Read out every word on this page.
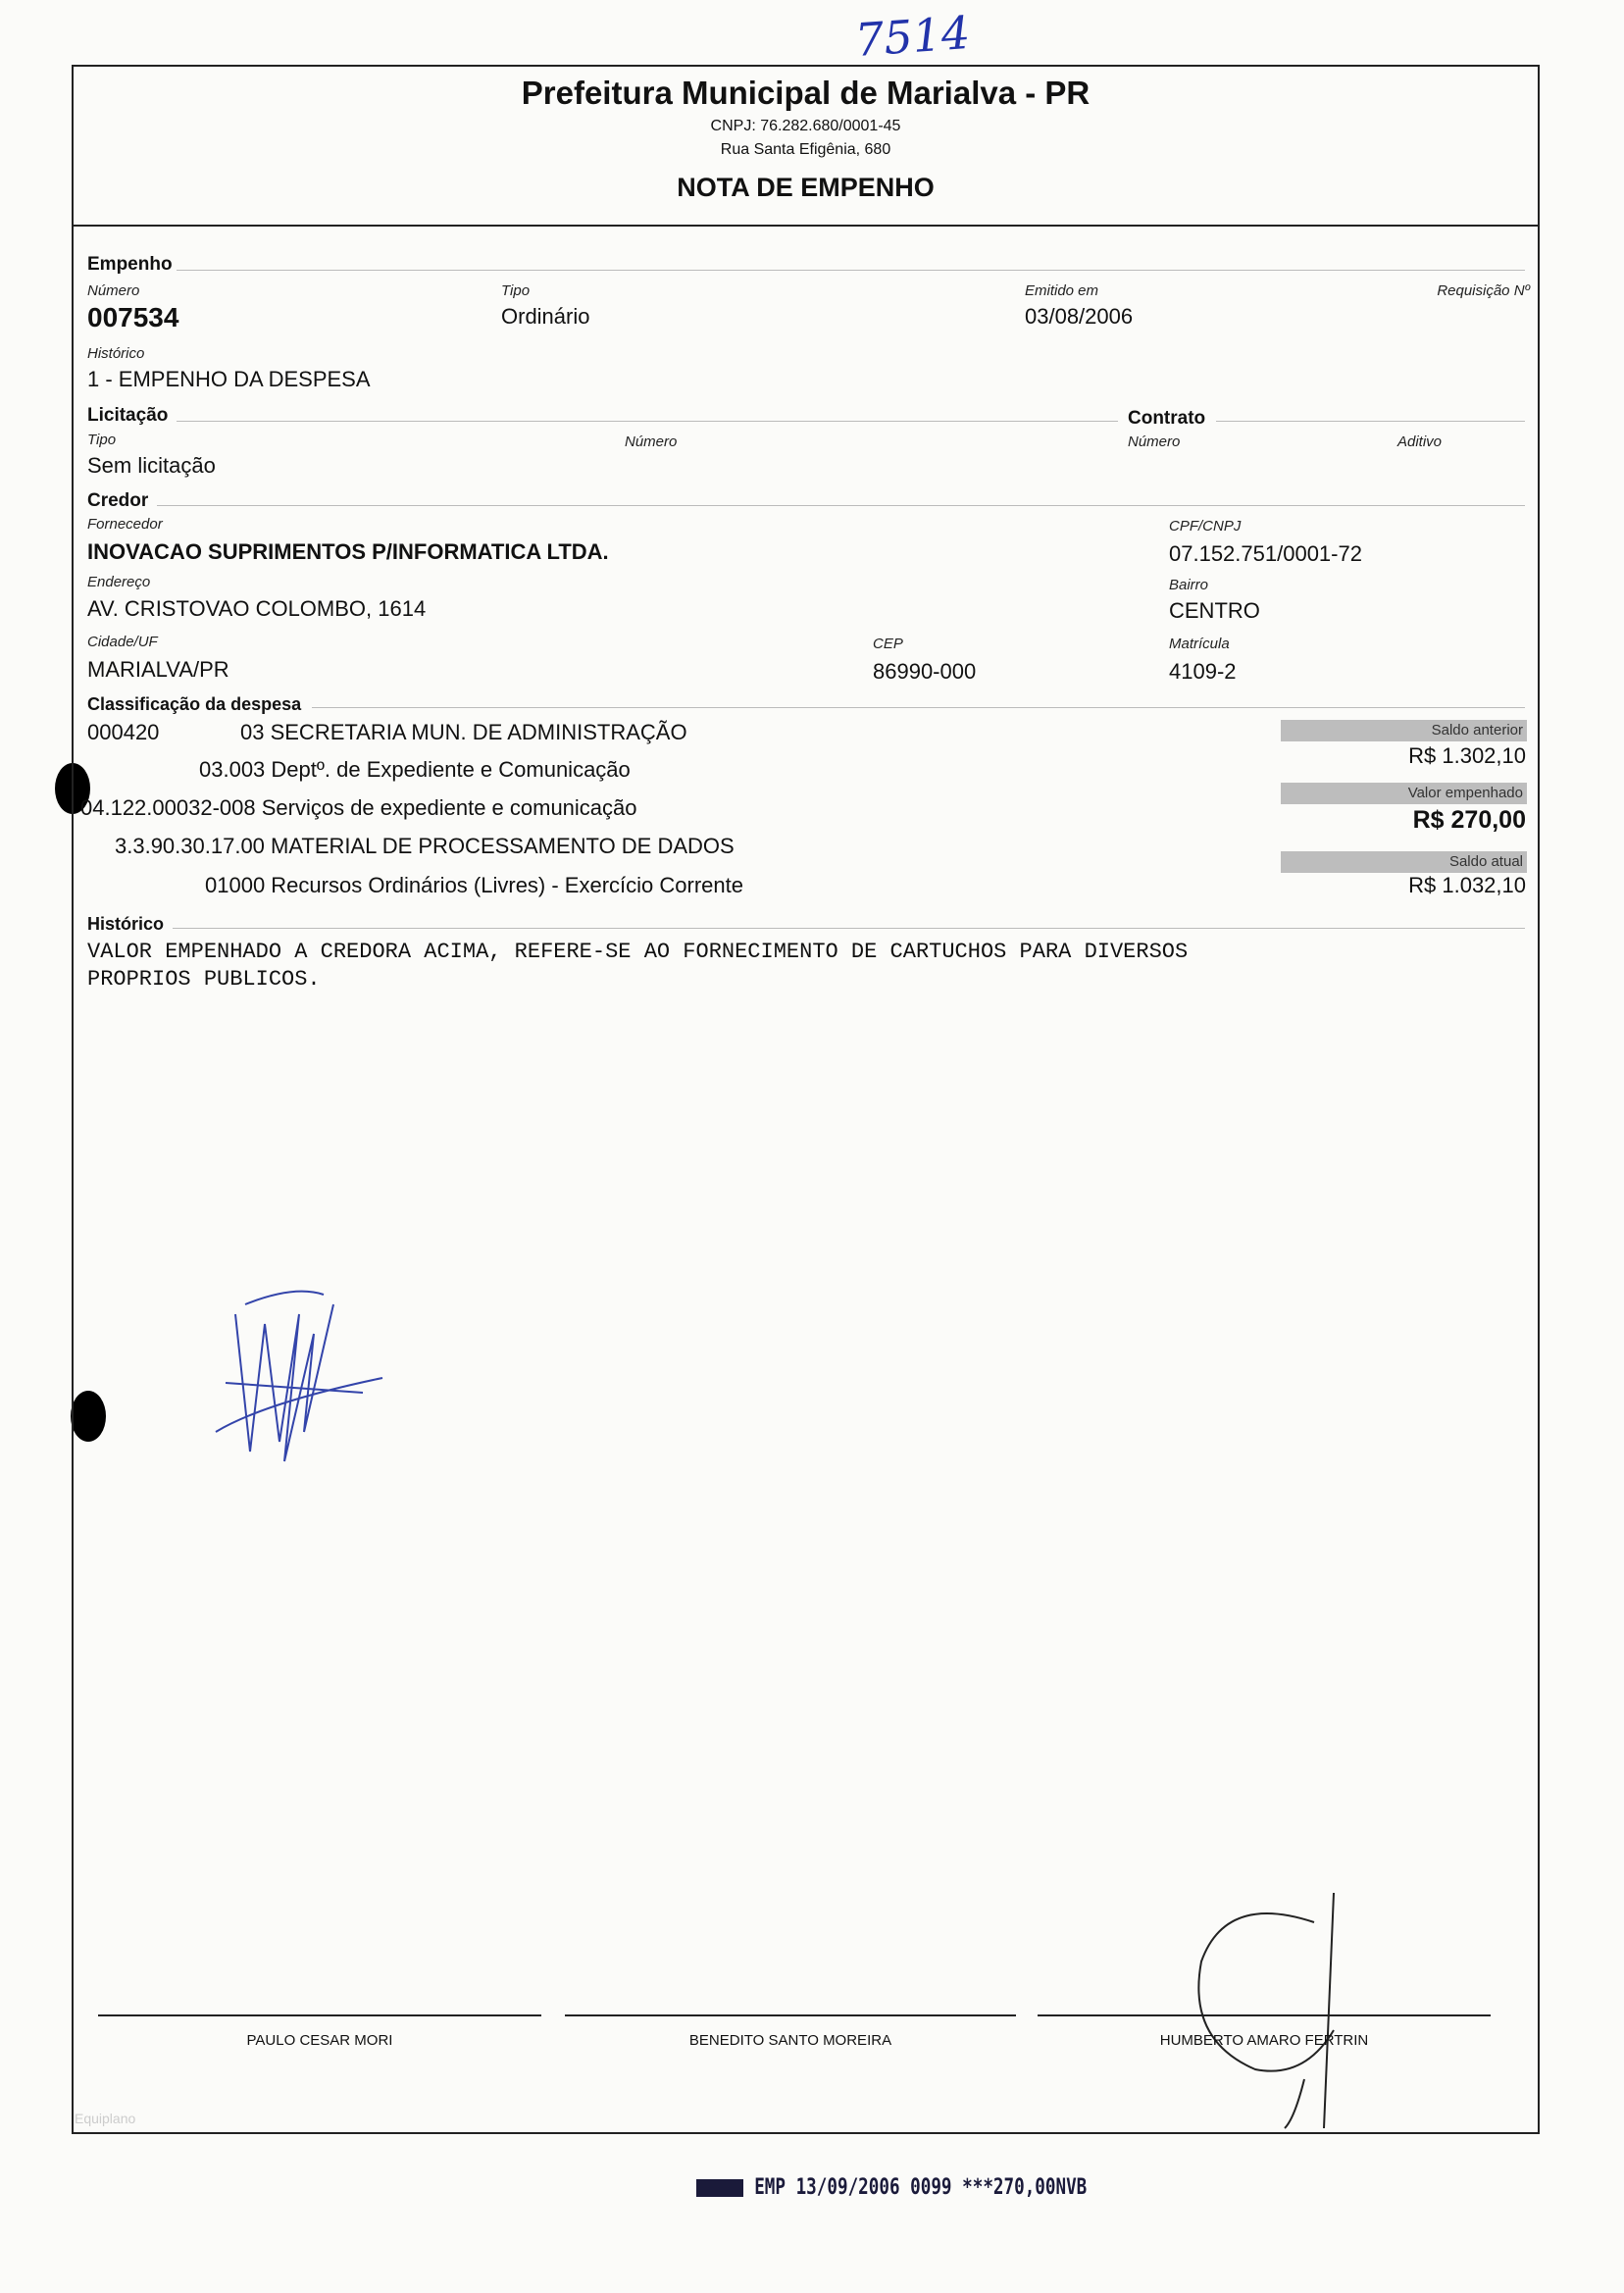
7514
Prefeitura Municipal de Marialva - PR
CNPJ: 76.282.680/0001-45
Rua Santa Efigênia, 680
NOTA DE EMPENHO
Empenho
Número
007534
Tipo
Ordinário
Emitido em
03/08/2006
Requisição Nº
Histórico
1 - EMPENHO DA DESPESA
Licitação
Tipo
Sem licitação
Número
Contrato
Número	Aditivo
Credor
Fornecedor
INOVACAO SUPRIMENTOS P/INFORMATICA LTDA.
CPF/CNPJ
07.152.751/0001-72
Endereço
AV. CRISTOVAO COLOMBO, 1614
Bairro
CENTRO
Cidade/UF
MARIALVA/PR
CEP
86990-000
Matrícula
4109-2
Classificação da despesa
000420	03 SECRETARIA MUN. DE ADMINISTRAÇÃO
03.003 Deptº. de Expediente e Comunicação
04.122.00032-008 Serviços de expediente e comunicação
3.3.90.30.17.00 MATERIAL DE PROCESSAMENTO DE DADOS
01000 Recursos Ordinários (Livres) - Exercício Corrente
Saldo anterior
R$ 1.302,10
Valor empenhado
R$ 270,00
Saldo atual
R$ 1.032,10
Histórico
VALOR EMPENHADO A CREDORA ACIMA, REFERE-SE AO FORNECIMENTO DE CARTUCHOS PARA DIVERSOS
PROPRIOS PUBLICOS.
PAULO CESAR MORI	BENEDITO SANTO MOREIRA	HUMBERTO AMARO FERTRIN
Equiplano
EMP 13/09/2006 0099 ***270,00NVB
